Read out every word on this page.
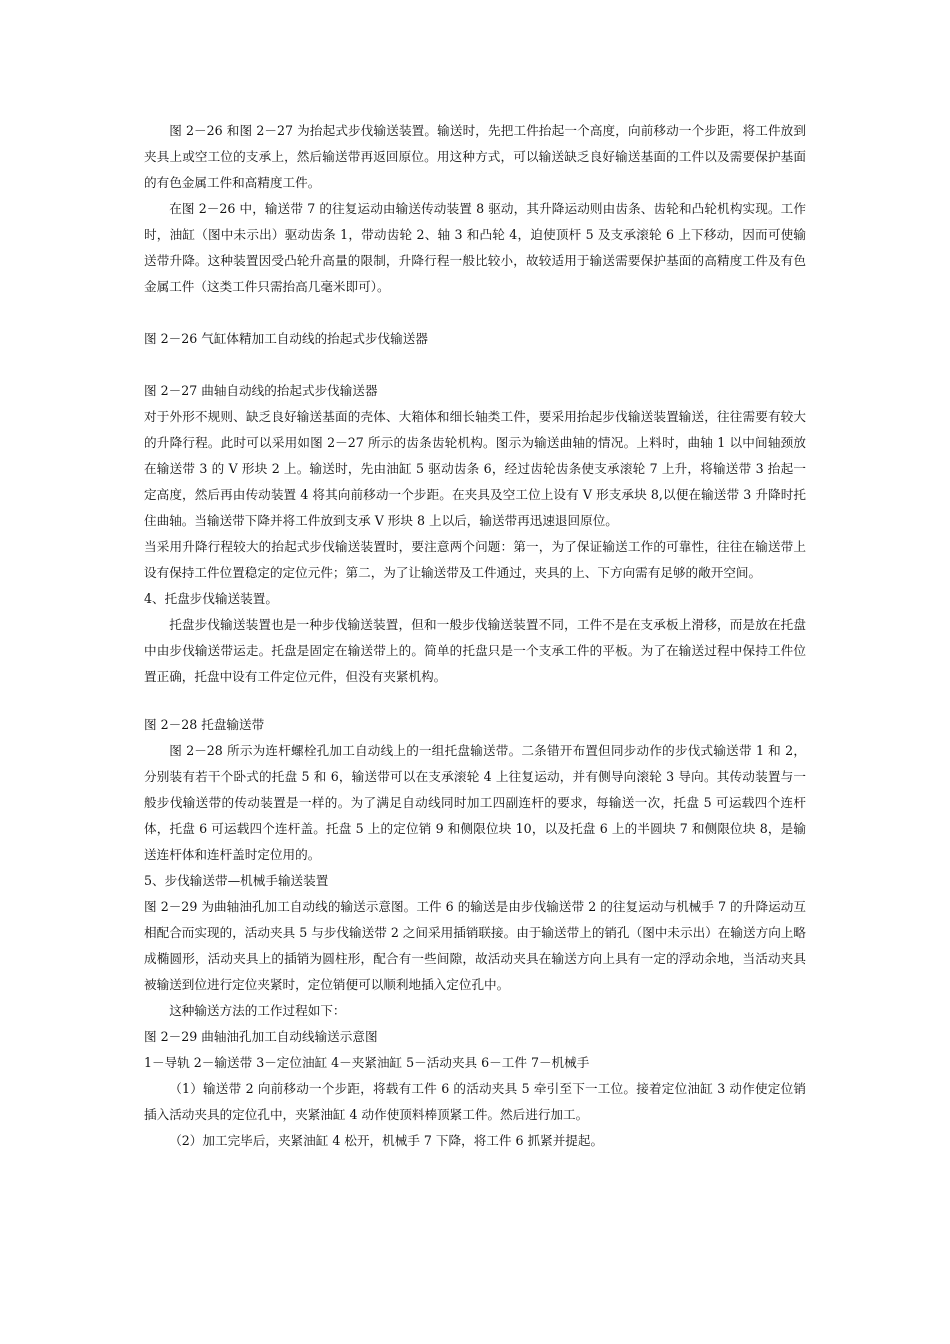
图 2－26 和图 2－27 为抬起式步伐输送装置。输送时，先把工件抬起一个高度，向前移动一个步距，将工件放到夹具上或空工位的支承上，然后输送带再返回原位。用这种方式，可以输送缺乏良好输送基面的工件以及需要保护基面的有色金属工件和高精度工件。

在图 2－26 中，输送带 7 的往复运动由输送传动装置 8 驱动，其升降运动则由齿条、齿轮和凸轮机构实现。工作时，油缸（图中未示出）驱动齿条 1，带动齿轮 2、轴 3 和凸轮 4，迫使顶杆 5 及支承滚轮 6 上下移动，因而可使输送带升降。这种装置因受凸轮升高量的限制，升降行程一般比较小，故较适用于输送需要保护基面的高精度工件及有色金属工件（这类工件只需抬高几毫米即可）。

图 2－26 气缸体精加工自动线的抬起式步伐输送器

图 2－27 曲轴自动线的抬起式步伐输送器

对于外形不规则、缺乏良好输送基面的壳体、大箱体和细长轴类工件，要采用抬起步伐输送装置输送，往往需要有较大的升降行程。此时可以采用如图 2－27 所示的齿条齿轮机构。图示为输送曲轴的情况。上料时，曲轴 1 以中间轴颈放在输送带 3 的 V 形块 2 上。输送时，先由油缸 5 驱动齿条 6，经过齿轮齿条使支承滚轮 7 上升，将输送带 3 抬起一定高度，然后再由传动装置 4 将其向前移动一个步距。在夹具及空工位上设有 V 形支承块 8,以便在输送带 3 升降时托住曲轴。当输送带下降并将工件放到支承 V 形块 8 上以后，输送带再迅速退回原位。

当采用升降行程较大的抬起式步伐输送装置时，要注意两个问题：第一，为了保证输送工作的可靠性，往往在输送带上设有保持工件位置稳定的定位元件；第二，为了让输送带及工件通过，夹具的上、下方向需有足够的敞开空间。

4、托盘步伐输送装置。

托盘步伐输送装置也是一种步伐输送装置，但和一般步伐输送装置不同，工件不是在支承板上滑移，而是放在托盘中由步伐输送带运走。托盘是固定在输送带上的。简单的托盘只是一个支承工件的平板。为了在输送过程中保持工件位置正确，托盘中设有工件定位元件，但没有夹紧机构。

图 2－28 托盘输送带

图 2－28 所示为连杆螺栓孔加工自动线上的一组托盘输送带。二条错开布置但同步动作的步伐式输送带 1 和 2，分别装有若干个卧式的托盘 5 和 6，输送带可以在支承滚轮 4 上往复运动，并有侧导向滚轮 3 导向。其传动装置与一般步伐输送带的传动装置是一样的。为了满足自动线同时加工四副连杆的要求，每输送一次，托盘 5 可运载四个连杆体，托盘 6 可运载四个连杆盖。托盘 5 上的定位销 9 和侧限位块 10，以及托盘 6 上的半圆块 7 和侧限位块 8，是输送连杆体和连杆盖时定位用的。

5、步伐输送带—机械手输送装置

图 2－29 为曲轴油孔加工自动线的输送示意图。工件 6 的输送是由步伐输送带 2 的往复运动与机械手 7 的升降运动互相配合而实现的，活动夹具 5 与步伐输送带 2 之间采用插销联接。由于输送带上的销孔（图中未示出）在输送方向上略成椭圆形，活动夹具上的插销为圆柱形，配合有一些间隙，故活动夹具在输送方向上具有一定的浮动余地，当活动夹具被输送到位进行定位夹紧时，定位销便可以顺利地插入定位孔中。

这种输送方法的工作过程如下：

图 2－29 曲轴油孔加工自动线输送示意图

1－导轨 2－输送带 3－定位油缸 4－夹紧油缸 5－活动夹具 6－工件 7－机械手

（1）输送带 2 向前移动一个步距，将载有工件 6 的活动夹具 5 牵引至下一工位。接着定位油缸 3 动作使定位销插入活动夹具的定位孔中，夹紧油缸 4 动作使顶料棒顶紧工件。然后进行加工。

（2）加工完毕后，夹紧油缸 4 松开，机械手 7 下降，将工件 6 抓紧并提起。
